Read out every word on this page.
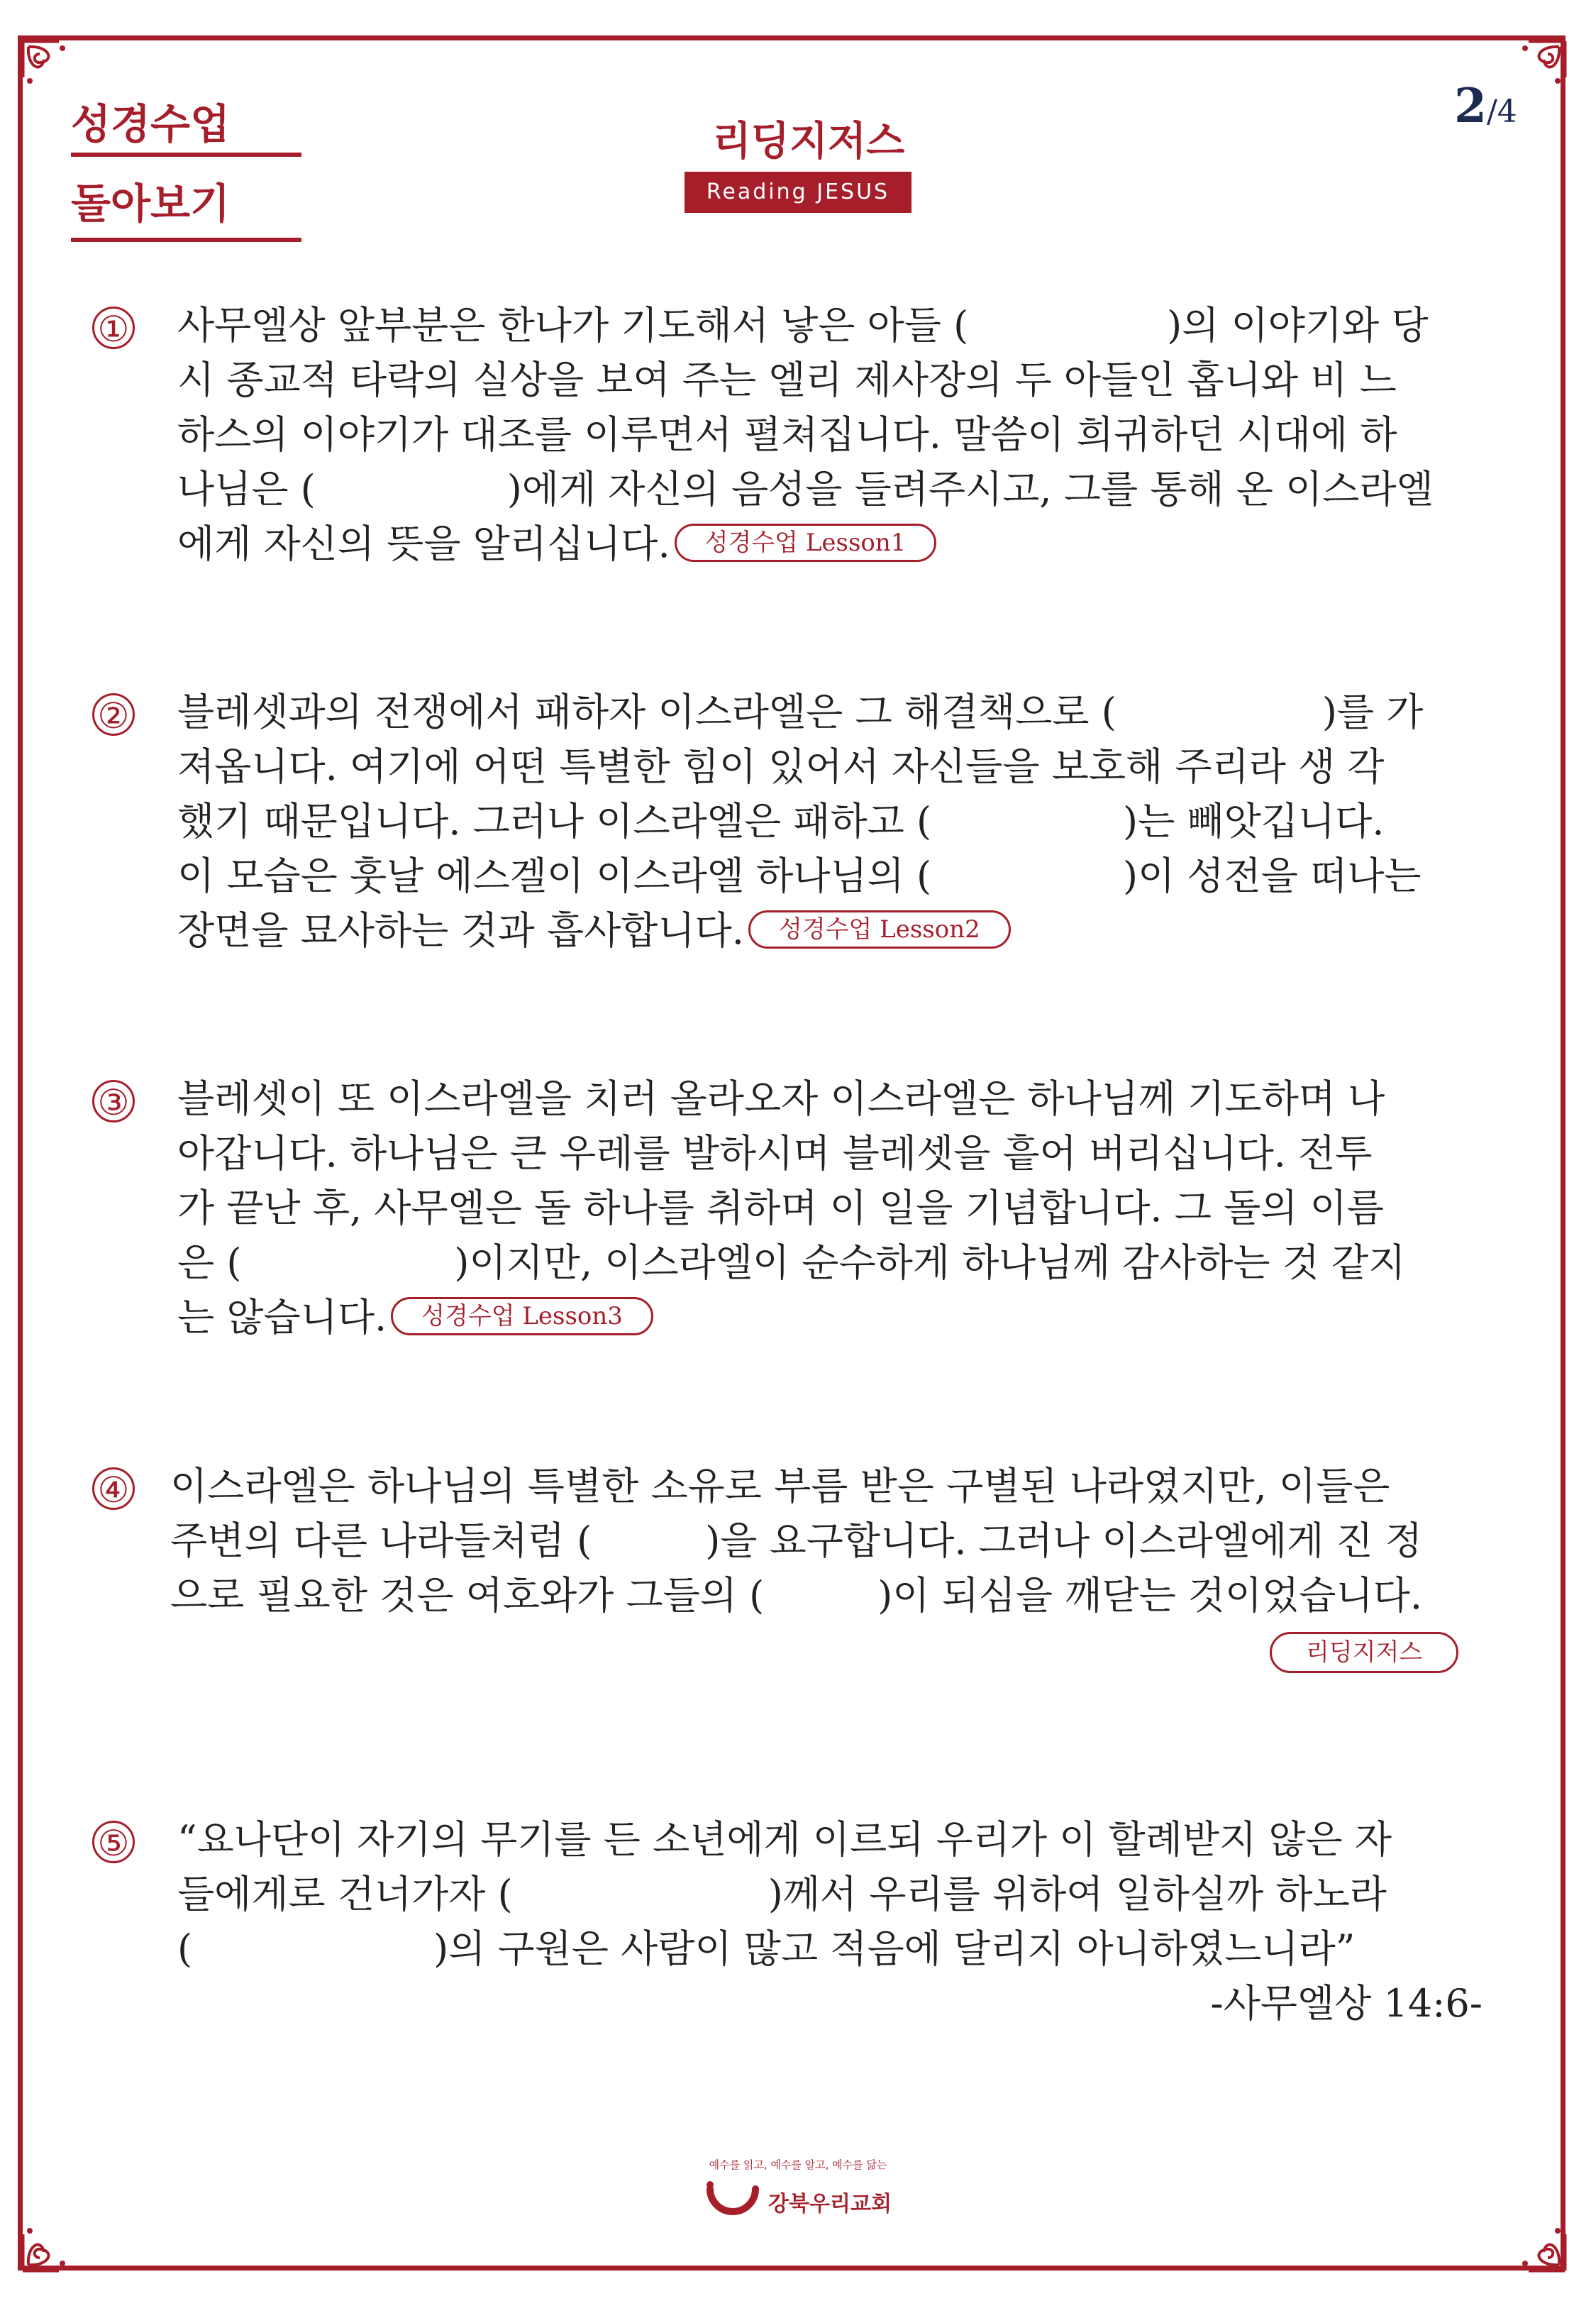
성경수업
돌아보기
리딩지저스
Reading JESUS
2/4
① 사무엘상 앞부분은 한나가 기도해서 낳은 아들 (	)의 이야기와 당
시 종교적 타락의 실상을 보여 주는 엘리 제사장의 두 아들인 홉니와 비 느
하스의 이야기가 대조를 이루면서 펼쳐집니다. 말씀이 희귀하던 시대에 하
나님은 (	)에게 자신의 음성을 들려주시고, 그를 통해 온 이스라엘
에게 자신의 뜻을 알리십니다. 성경수업 Lesson1
② 블레셋과의 전쟁에서 패하자 이스라엘은 그 해결책으로 (	)를 가
져옵니다. 여기에 어떤 특별한 힘이 있어서 자신들을 보호해 주리라 생 각
했기 때문입니다. 그러나 이스라엘은 패하고 (	)는 빼앗깁니다.
이 모습은 훗날 에스겔이 이스라엘 하나님의 (	)이 성전을 떠나는
장면을 묘사하는 것과 흡사합니다. 성경수업 Lesson2
③ 블레셋이 또 이스라엘을 치러 올라오자 이스라엘은 하나님께 기도하며 나
아갑니다. 하나님은 큰 우레를 발하시며 블레셋을 흩어 버리십니다. 전투
가 끝난 후, 사무엘은 돌 하나를 취하며 이 일을 기념합니다. 그 돌의 이름
은 (	)이지만, 이스라엘이 순수하게 하나님께 감사하는 것 같지
는 않습니다. 성경수업 Lesson3
④ 이스라엘은 하나님의 특별한 소유로 부름 받은 구별된 나라였지만, 이들은
주변의 다른 나라들처럼 (	)을 요구합니다. 그러나 이스라엘에게 진 정
으로 필요한 것은 여호와가 그들의 (	)이 되심을 깨닫는 것이었습니다.
리딩지저스
⑤ “요나단이 자기의 무기를 든 소년에게 이르되 우리가 이 할례받지 않은 자
들에게로 건너가자 (	)께서 우리를 위하여 일하실까 하노라
(	)의 구원은 사람이 많고 적음에 달리지 아니하였느니라”
-사무엘상 14:6-
예수를 읽고, 예수를 알고, 예수를 닮는
강북우리교회
